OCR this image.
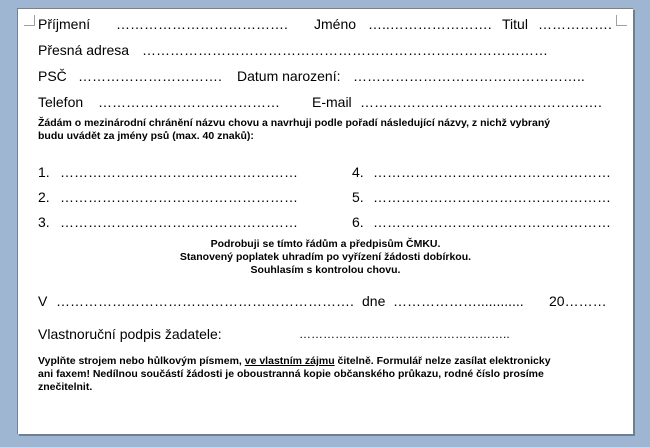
Příjmení ………………………………. Jméno …..…………………. Titul …………….
Přesná adresa ……………………………………………………………………………
PSČ …………………………. Datum narození: …………………………………………..
Telefon ………………………………… E-mail …………………………………………….
Žádám o mezinárodní chránění názvu chovu a navrhuji podle pořadí následující názvy, z nichž vybraný
budu uvádět za jmény psů (max. 40 znaků):
1. ……………………………………………
2. ……………………………………………
3. ……………………………………………
4. ……………………………………………
5. ……………………………………………
6. ……………………………………………
Podrobuji se tímto řádům a předpisům ČMKU.
Stanovený poplatek uhradím po vyřízení žádosti dobírkou.
Souhlasím s kontrolou chovu.
V ………………………………………………………. dne ………………............ 20………
Vlastnoruční podpis žadatele:	……………………………………………..
Vyplňte strojem nebo hůlkovým písmem, ve vlastním zájmu čitelně. Formulář nelze zasílat elektronicky
ani faxem! Nedílnou součástí žádosti je oboustranná kopie občanského průkazu, rodné číslo prosíme
znečitelnit.
